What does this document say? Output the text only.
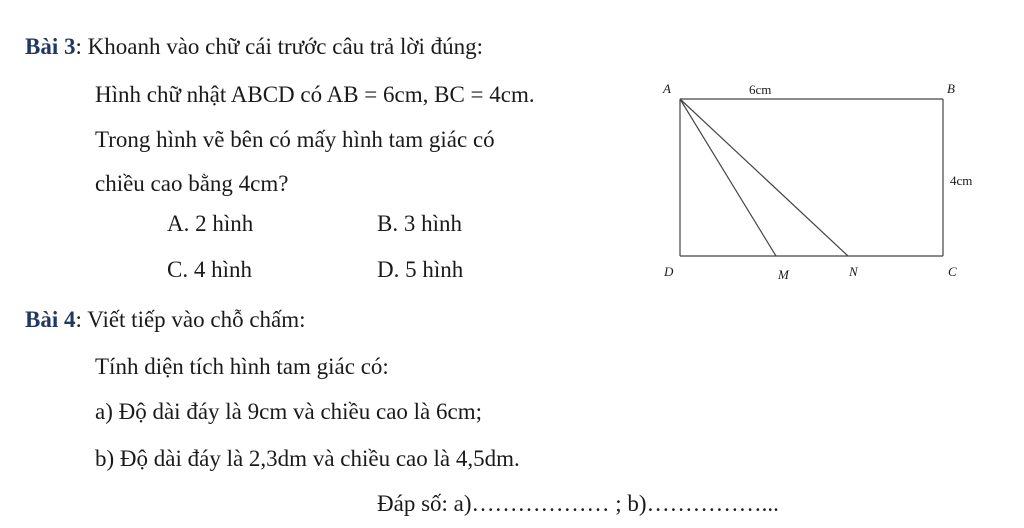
Bài 3: Khoanh vào chữ cái trước câu trả lời đúng:
Hình chữ nhật ABCD có AB = 6cm, BC = 4cm.
Trong hình vẽ bên có mấy hình tam giác có
chiều cao bằng 4cm?
A. 2 hình	B. 3 hình
C. 4 hình	D. 5 hình
A	6cm	B
4cm
D	M	N	C
Bài 4: Viết tiếp vào chỗ chấm:
Tính diện tích hình tam giác có:
a) Độ dài đáy là 9cm và chiều cao là 6cm;
b) Độ dài đáy là 2,3dm và chiều cao là 4,5dm.
Đáp số: a)……………… ; b)……………...
